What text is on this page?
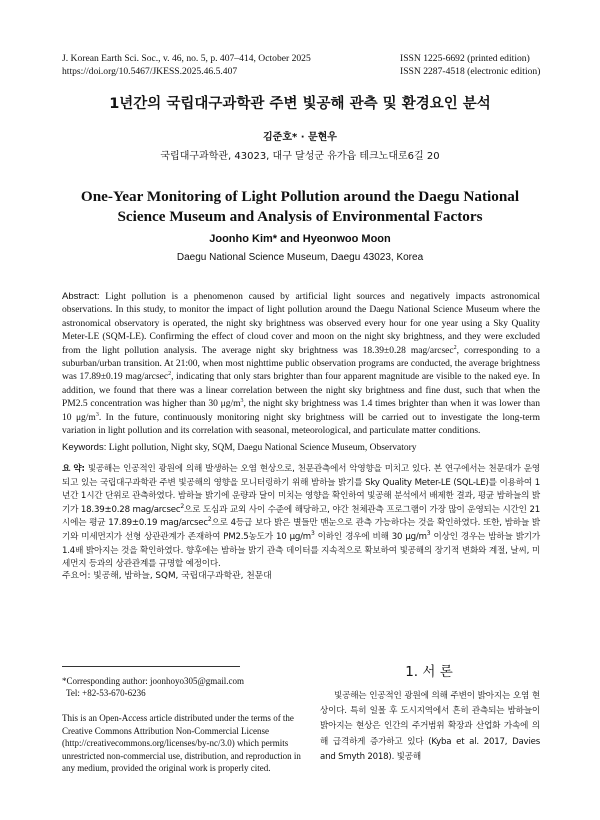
J. Korean Earth Sci. Soc., v. 46, no. 5, p. 407–414, October 2025
https://doi.org/10.5467/JKESS.2025.46.5.407
ISSN 1225-6692 (printed edition)
ISSN 2287-4518 (electronic edition)
1년간의 국립대구과학관 주변 빛공해 관측 및 환경요인 분석
김준호* · 문현우
국립대구과학관, 43023, 대구 달성군 유가읍 테크노대로6길 20
One-Year Monitoring of Light Pollution around the Daegu National
Science Museum and Analysis of Environmental Factors
Joonho Kim* and Hyeonwoo Moon
Daegu National Science Museum, Daegu 43023, Korea
Abstract: Light pollution is a phenomenon caused by artificial light sources and negatively impacts astronomical observations. In this study, to monitor the impact of light pollution around the Daegu National Science Museum where the astronomical observatory is operated, the night sky brightness was observed every hour for one year using a Sky Quality Meter-LE (SQM-LE). Confirming the effect of cloud cover and moon on the night sky brightness, and they were excluded from the light pollution analysis. The average night sky brightness was 18.39±0.28 mag/arcsec$^2$, corresponding to a suburban/urban transition. At 21:00, when most nighttime public observation programs are conducted, the average brightness was 17.89±0.19 mag/arcsec$^2$, indicating that only stars brighter than four apparent magnitude are visible to the naked eye. In addition, we found that there was a linear correlation between the night sky brightness and fine dust, such that when the PM2.5 concentration was higher than 30 $\mu g/m^3$, the night sky brightness was 1.4 times brighter than when it was lower than 10 $\mu g/m^3$. In the future, continuously monitoring night sky brightness will be carried out to investigate the long-term variation in light pollution and its correlation with seasonal, meteorological, and particulate matter conditions.
Keywords: Light pollution, Night sky, SQM, Daegu National Science Museum, Observatory
요 약: 빛공해는 인공적인 광원에 의해 발생하는 오염 현상으로, 천문관측에서 악영향을 미치고 있다. 본 연구에서는 천문대가 운영되고 있는 국립대구과학관 주변 빛공해의 영향을 모니터링하기 위해 밤하늘 밝기를 Sky Quality Meter-LE (SQL-LE)를 이용하여 1년간 1시간 단위로 관측하였다. 밤하늘 밝기에 운량과 달이 미치는 영향을 확인하여 빛공해 분석에서 배제한 결과, 평균 밤하늘의 밝기가 18.39±0.28 mag/arcsec$^2$으로 도심과 교외 사이 수준에 해당하고, 야간 천체관측 프로그램이 가장 많이 운영되는 시간인 21시에는 평균 17.89±0.19 mag/arcsec$^2$으로 4등급 보다 밝은 별들만 맨눈으로 관측 가능하다는 것을 확인하였다. 또한, 밤하늘 밝기와 미세먼지가 선형 상관관계가 존재하여 PM2.5농도가 10 $\mu g/m^3$ 이하인 경우에 비해 30 $\mu g/m^3$ 이상인 경우는 밤하늘 밝기가 1.4배 밝아지는 것을 확인하였다. 향후에는 밤하늘 밝기 관측 데이터를 지속적으로 확보하여 빛공해의 장기적 변화와 계절, 날씨, 미세먼지 등과의 상관관계를 규명할 예정이다.
주요어: 빛공해, 밤하늘, SQM, 국립대구과학관, 천문대
*Corresponding author: joonhoyo305@gmail.com
Tel: +82-53-670-6236
This is an Open-Access article distributed under the terms of the Creative Commons Attribution Non-Commercial License (http://creativecommons.org/licenses/by-nc/3.0) which permits unrestricted non-commercial use, distribution, and reproduction in any medium, provided the original work is properly cited.
1. 서 론
빛공해는 인공적인 광원에 의해 주변이 밝아지는 오염 현상이다. 특히 일몰 후 도시지역에서 흔히 관측되는 밤하늘이 밝아지는 현상은 인간의 주거범위 확장과 산업화 가속에 의해 급격하게 증가하고 있다 (Kyba et al. 2017, Davies and Smyth 2018). 빛공해
